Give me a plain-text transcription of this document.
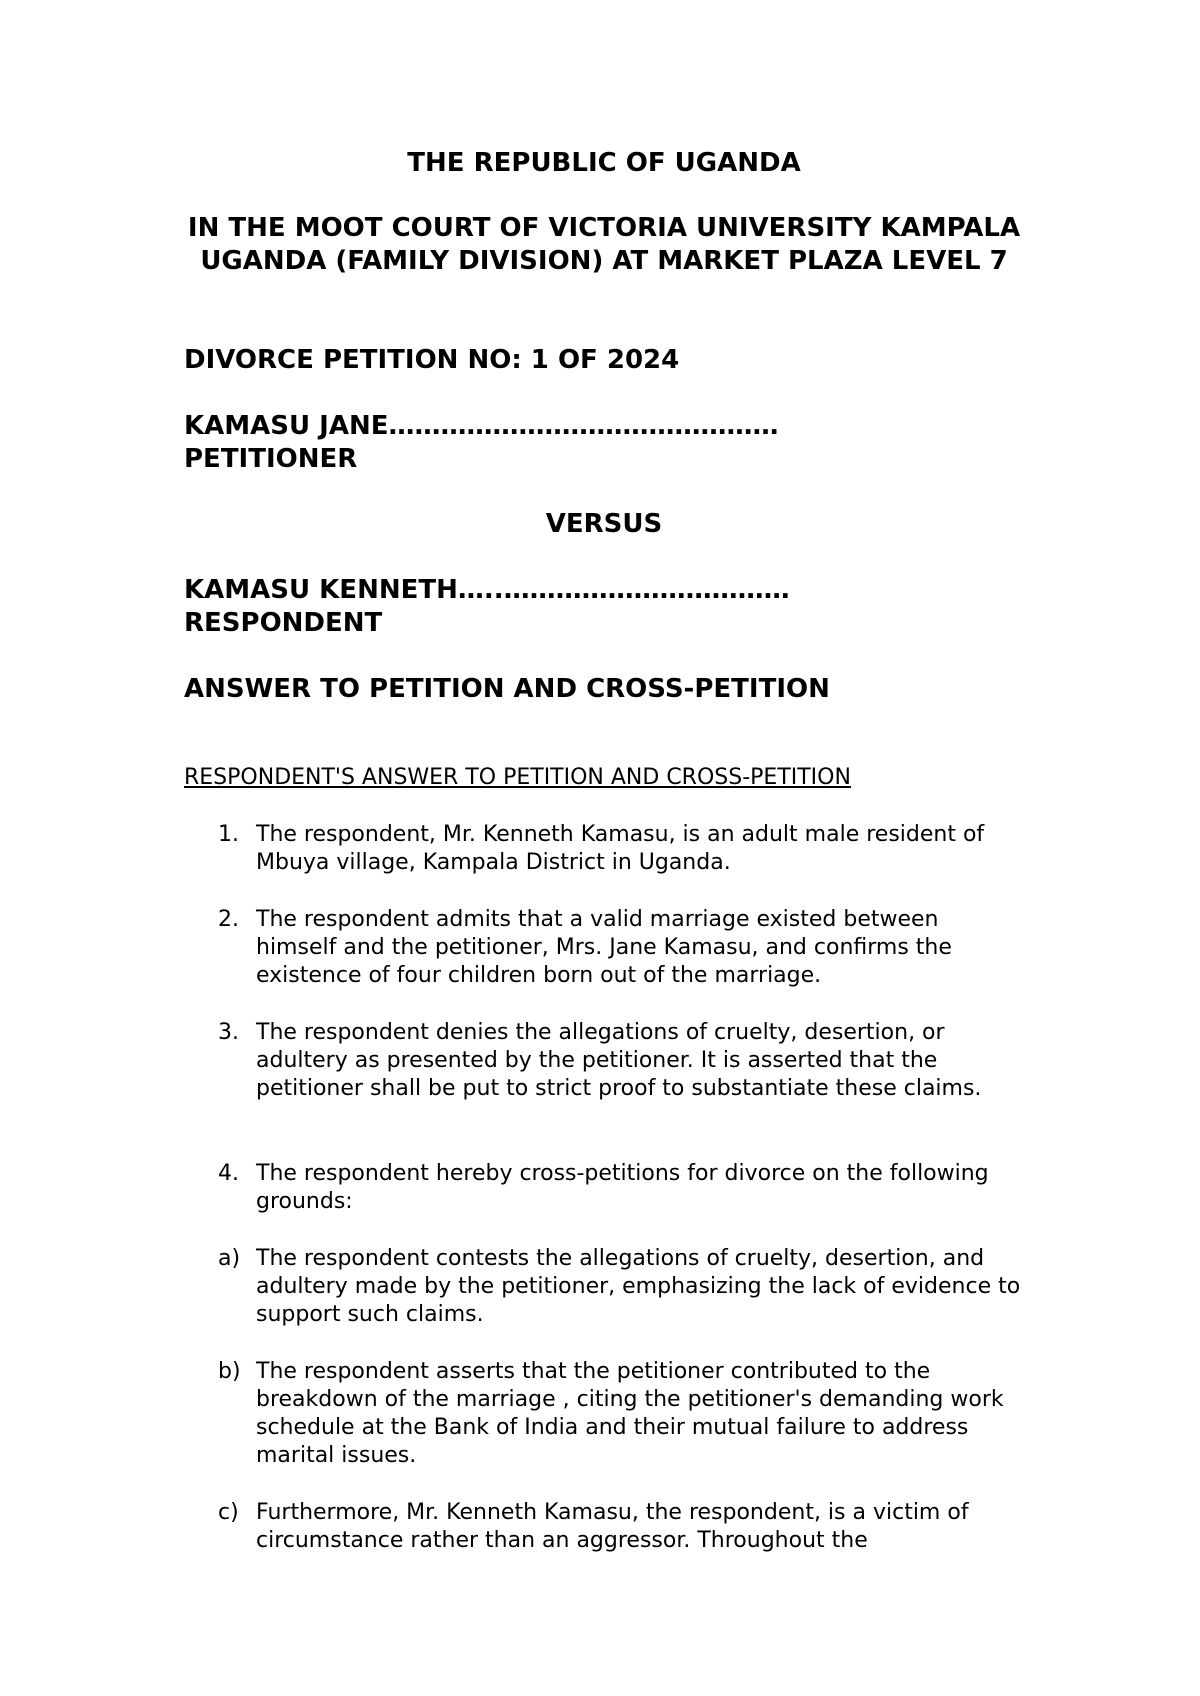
THE REPUBLIC OF UGANDA

IN THE MOOT COURT OF VICTORIA UNIVERSITY KAMPALA UGANDA (FAMILY DIVISION) AT MARKET PLAZA LEVEL 7

DIVORCE PETITION NO: 1 OF 2024

KAMASU JANE………………………………………

PETITIONER

VERSUS

KAMASU KENNETH…..……………………………

RESPONDENT

ANSWER TO PETITION AND CROSS-PETITION

RESPONDENT'S ANSWER TO PETITION AND CROSS-PETITION

1. The respondent, Mr. Kenneth Kamasu, is an adult male resident of Mbuya village, Kampala District in Uganda.
2. The respondent admits that a valid marriage existed between himself and the petitioner, Mrs. Jane Kamasu, and confirms the existence of four children born out of the marriage.
3. The respondent denies the allegations of cruelty, desertion, or adultery as presented by the petitioner. It is asserted that the petitioner shall be put to strict proof to substantiate these claims.
4. The respondent hereby cross-petitions for divorce on the following grounds:
a) The respondent contests the allegations of cruelty, desertion, and adultery made by the petitioner, emphasizing the lack of evidence to support such claims.
b) The respondent asserts that the petitioner contributed to the breakdown of the marriage , citing the petitioner's demanding work schedule at the Bank of India and their mutual failure to address marital issues.
c) Furthermore, Mr. Kenneth Kamasu, the respondent, is a victim of circumstance rather than an aggressor. Throughout the
